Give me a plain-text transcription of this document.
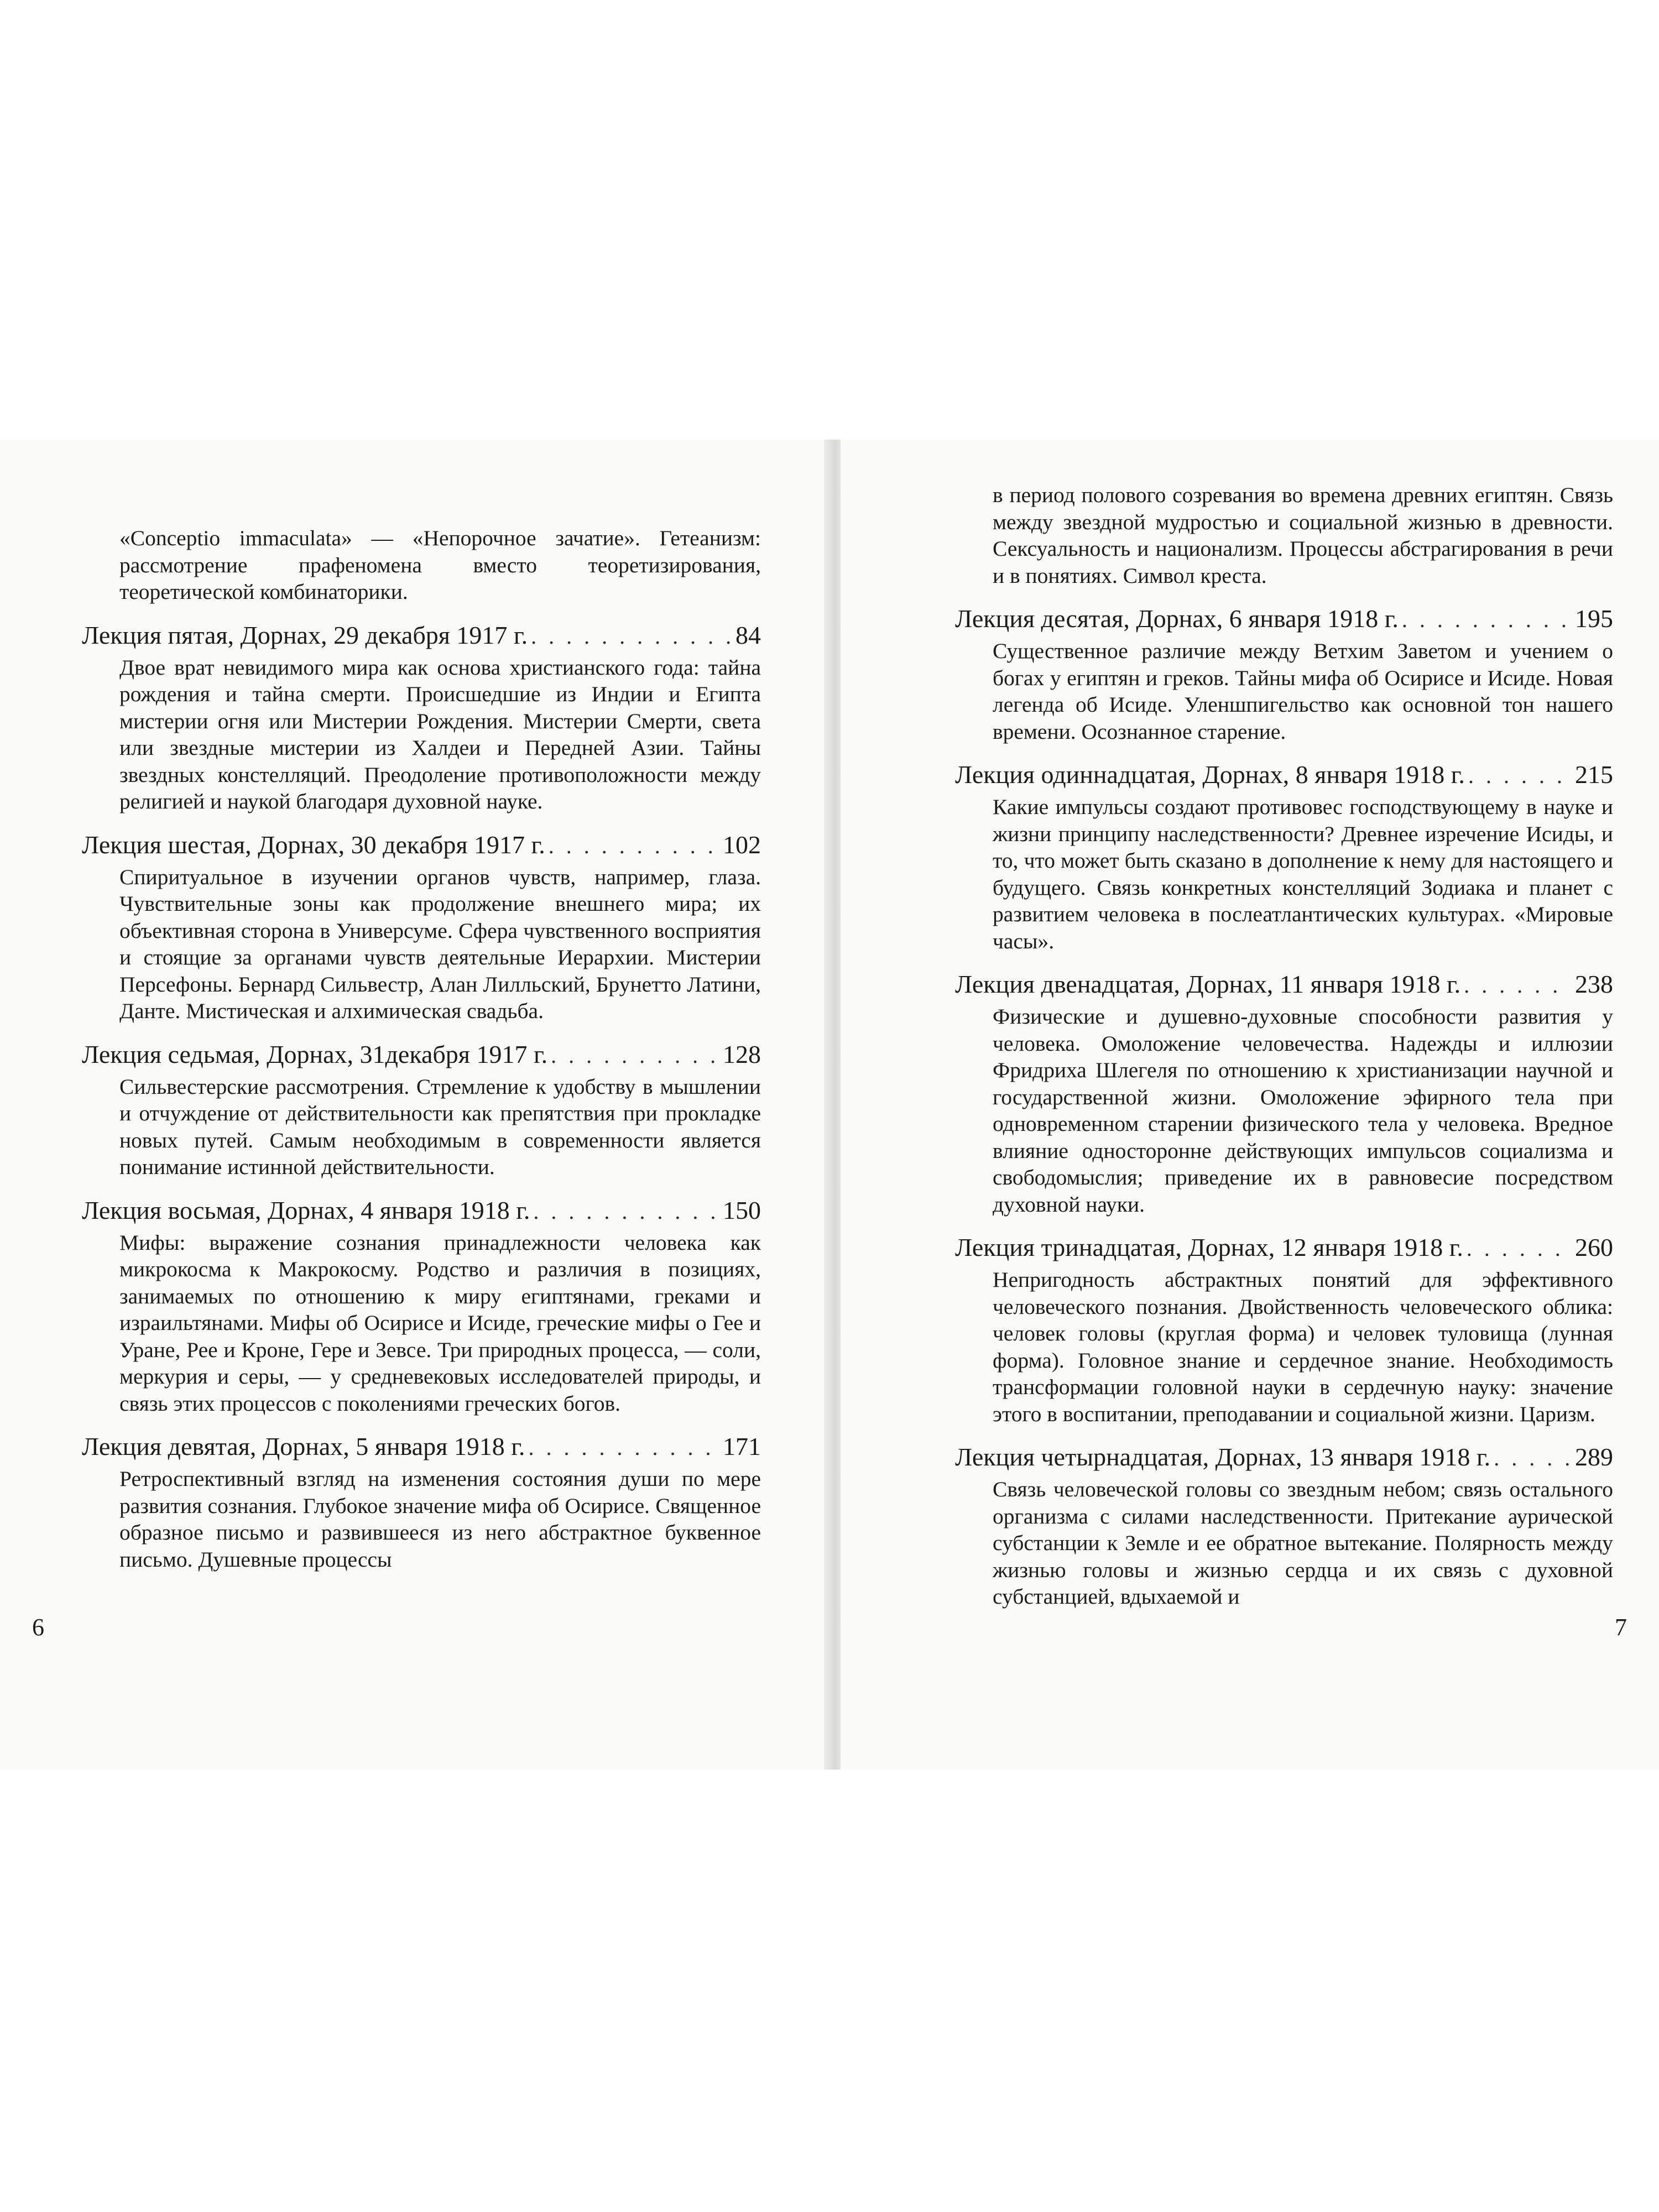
«Conceptio immaculata» — «Непорочное зачатие». Гетеанизм: рассмотрение прафеномена вместо теоретизирования, теоретической комбинаторики.

Лекция пятая, Дорнах, 29 декабря 1917 г. . . .	84

Двое врат невидимого мира как основа христианского года: тайна рождения и тайна смерти. Происшедшие из Индии и Египта мистерии огня или Мистерии Рождения. Мистерии Смерти, света или звездные мистерии из Халдеи и Передней Азии. Тайны звездных констелляций. Преодоление противоположности между религией и наукой благодаря духовной науке.

Лекция шестая, Дорнах, 30 декабря 1917 г. . . .	102

Спиритуальное в изучении органов чувств, например, глаза. Чувствительные зоны как продолжение внешнего мира; их объективная сторона в Универсуме. Сфера чувственного восприятия и стоящие за органами чувств деятельные Иерархии. Мистерии Персефоны. Бернард Сильвестр, Алан Лилльский, Брунетто Латини, Данте. Мистическая и алхимическая свадьба.

Лекция седьмая, Дорнах, 31декабря 1917 г. . . .	128

Сильвестерские рассмотрения. Стремление к удобству в мышлении и отчуждение от действительности как препятствия при прокладке новых путей. Самым необходимым в современности является понимание истинной действительности.

Лекция восьмая, Дорнах, 4 января 1918 г. . . .	150

Мифы: выражение сознания принадлежности человека как микрокосма к Макрокосму. Родство и различия в позициях, занимаемых по отношению к миру египтянами, греками и израильтянами. Мифы об Осирисе и Исиде, греческие мифы о Гее и Уране, Рее и Кроне, Гере и Зевсе. Три природных процесса, — соли, меркурия и серы, — у средневековых исследователей природы, и связь этих процессов с поколениями греческих богов.

Лекция девятая, Дорнах, 5 января 1918 г. . . .	171

Ретроспективный взгляд на изменения состояния души по мере развития сознания. Глубокое значение мифа об Осирисе. Священное образное письмо и развившееся из него абстрактное буквенное письмо. Душевные процессы

6

в период полового созревания во времена древних египтян. Связь между звездной мудростью и социальной жизнью в древности. Сексуальность и национализм. Процессы абстрагирования в речи и в понятиях. Символ креста.

Лекция десятая, Дорнах, 6 января 1918 г. . . .	195

Существенное различие между Ветхим Заветом и учением о богах у египтян и греков. Тайны мифа об Осирисе и Исиде. Новая легенда об Исиде. Уленшпигельство как основной тон нашего времени. Осознанное старение.

Лекция одиннадцатая, Дорнах, 8 января 1918 г. . . .	215

Какие импульсы создают противовес господствующему в науке и жизни принципу наследственности? Древнее изречение Исиды, и то, что может быть сказано в дополнение к нему для настоящего и будущего. Связь конкретных констелляций Зодиака и планет с развитием человека в послеатлантических культурах. «Мировые часы».

Лекция двенадцатая, Дорнах, 11 января 1918 г. . . .	238

Физические и душевно-духовные способности развития у человека. Омоложение человечества. Надежды и иллюзии Фридриха Шлегеля по отношению к христианизации научной и государственной жизни. Омоложение эфирного тела при одновременном старении физического тела у человека. Вредное влияние односторонне действующих импульсов социализма и свободомыслия; приведение их в равновесие посредством духовной науки.

Лекция тринадцатая, Дорнах, 12 января 1918 г. . . .	260

Непригодность абстрактных понятий для эффективного человеческого познания. Двойственность человеческого облика: человек головы (круглая форма) и человек туловища (лунная форма). Головное знание и сердечное знание. Необходимость трансформации головной науки в сердечную науку: значение этого в воспитании, преподавании и социальной жизни. Царизм.

Лекция четырнадцатая, Дорнах, 13 января 1918 г. . . .	289

Связь человеческой головы со звездным небом; связь остального организма с силами наследственности. Притекание аурической субстанции к Земле и ее обратное вытекание. Полярность между жизнью головы и жизнью сердца и их связь с духовной субстанцией, вдыхаемой и

7
